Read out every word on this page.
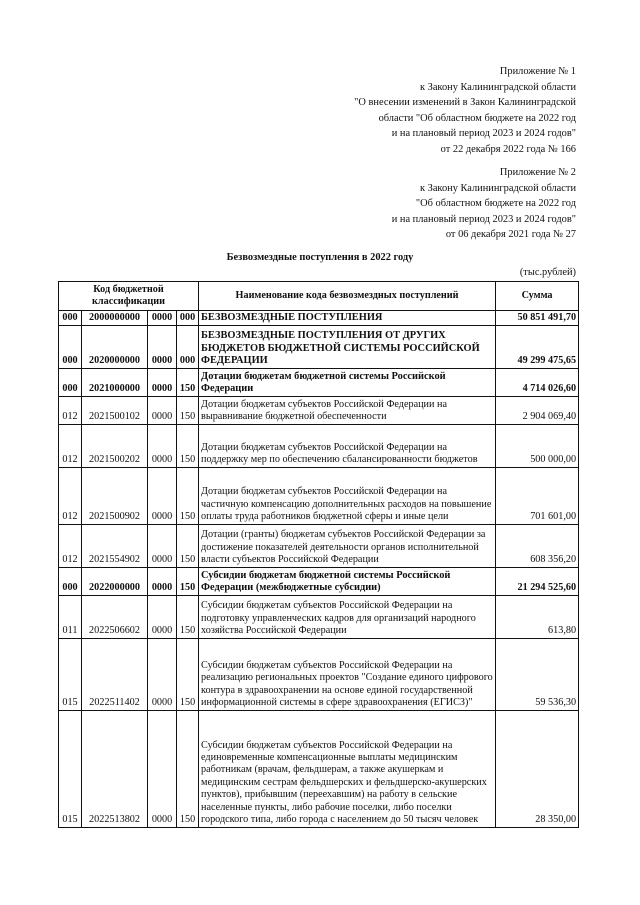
Приложение № 1
к Закону Калининградской области
"О внесении изменений в Закон Калининградской
области "Об областном бюджете на 2022 год
и на плановый период 2023 и 2024 годов"
от 22 декабря 2022 года № 166
Приложение № 2
к Закону Калининградской области
"Об областном бюджете на 2022 год
и на плановый период 2023 и 2024 годов"
от 06 декабря 2021 года № 27
Безвозмездные поступления в 2022 году
(тыс.рублей)
Код бюджетной классификации				Наименование кода безвозмездных поступлений	Сумма
000	2000000000	0000	000	БЕЗВОЗМЕЗДНЫЕ ПОСТУПЛЕНИЯ	50 851 491,70
000	2020000000	0000	000	БЕЗВОЗМЕЗДНЫЕ ПОСТУПЛЕНИЯ ОТ ДРУГИХ БЮДЖЕТОВ БЮДЖЕТНОЙ СИСТЕМЫ РОССИЙСКОЙ ФЕДЕРАЦИИ	49 299 475,65
000	2021000000	0000	150	Дотации бюджетам бюджетной системы Российской Федерации	4 714 026,60
012	2021500102	0000	150	Дотации бюджетам субъектов Российской Федерации на выравнивание бюджетной обеспеченности	2 904 069,40
012	2021500202	0000	150	Дотации бюджетам субъектов Российской Федерации на поддержку мер по обеспечению сбалансированности бюджетов	500 000,00
012	2021500902	0000	150	Дотации бюджетам субъектов Российской Федерации на частичную компенсацию дополнительных расходов на повышение оплаты труда работников бюджетной сферы и иные цели	701 601,00
012	2021554902	0000	150	Дотации (гранты) бюджетам субъектов Российской Федерации за достижение показателей деятельности органов исполнительной власти субъектов Российской Федерации	608 356,20
000	2022000000	0000	150	Субсидии бюджетам бюджетной системы Российской Федерации (межбюджетные субсидии)	21 294 525,60
011	2022506602	0000	150	Субсидии бюджетам субъектов Российской Федерации на подготовку управленческих кадров для организаций народного хозяйства Российской Федерации	613,80
015	2022511402	0000	150	Субсидии бюджетам субъектов Российской Федерации на реализацию региональных проектов "Создание единого цифрового контура в здравоохранении на основе единой государственной информационной системы в сфере здравоохранения (ЕГИСЗ)"	59 536,30
015	2022513802	0000	150	Субсидии бюджетам субъектов Российской Федерации на единовременные компенсационные выплаты медицинским работникам (врачам, фельдшерам, а также акушеркам и медицинским сестрам фельдшерских и фельдшерско-акушерских пунктов), прибывшим (переехавшим) на работу в сельские населенные пункты, либо рабочие поселки, либо поселки городского типа, либо города с населением до 50 тысяч человек	28 350,00
